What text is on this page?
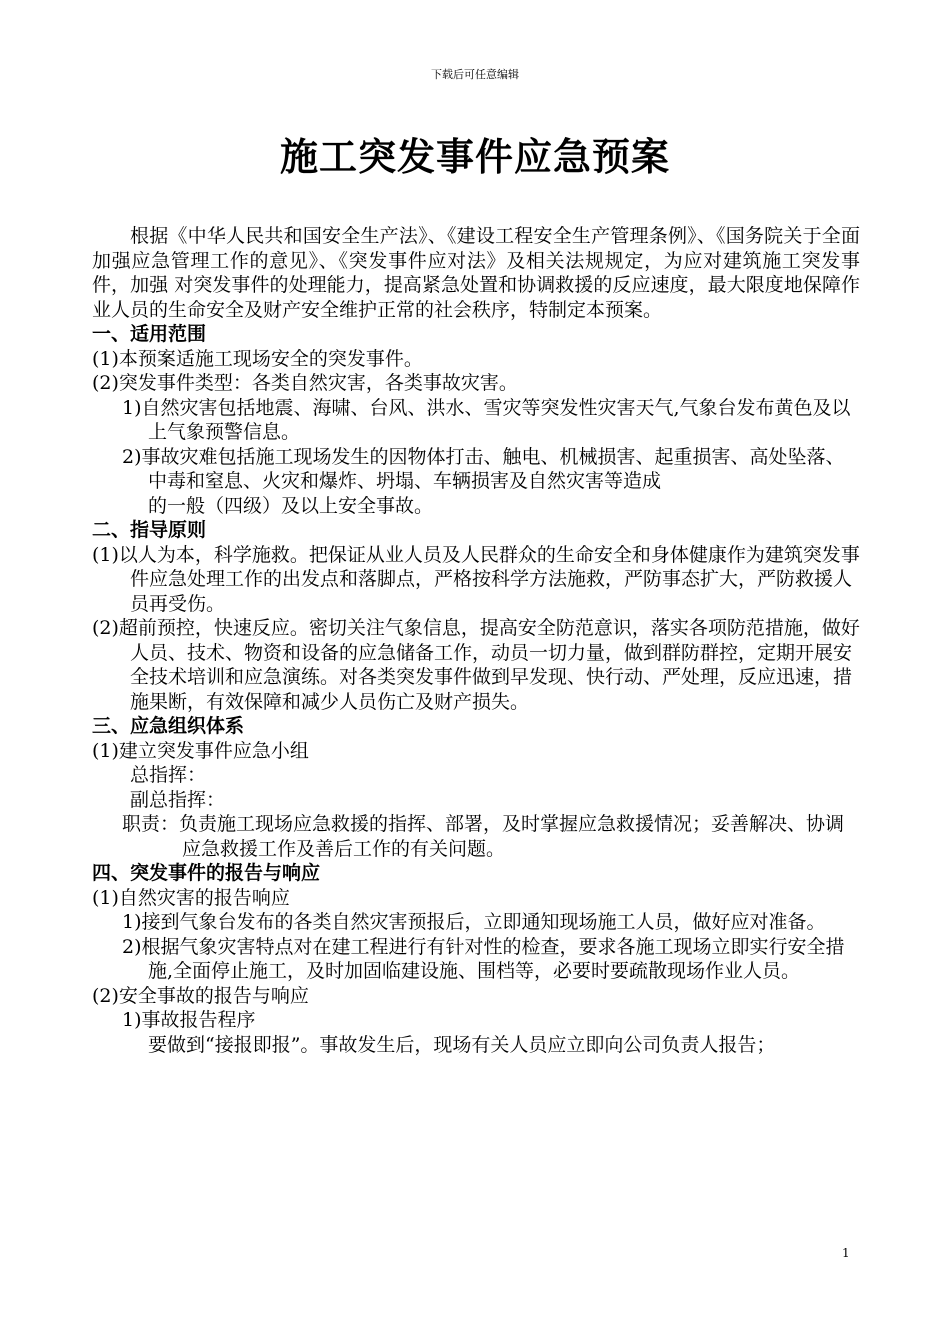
下载后可任意编辑
施工突发事件应急预案

根据《中华人民共和国安全生产法》、《建设工程安全生产管理条例》、《国务院关于全面加强应急管理工作的意见》、《突发事件应对法》及相关法规规定，为应对建筑施工突发事件，加强 对突发事件的处理能力，提高紧急处置和协调救援的反应速度，最大限度地保障作业人员的生命安全及财产安全维护正常的社会秩序，特制定本预案。

一、适用范围

(1)本预案适施工现场安全的突发事件。

(2)突发事件类型：各类自然灾害，各类事故灾害。

1)自然灾害包括地震、海啸、台风、洪水、雪灾等突发性灾害天气,气象台发布黄色及以上气象预警信息。

2)事故灾难包括施工现场发生的因物体打击、触电、机械损害、起重损害、高处坠落、中毒和窒息、火灾和爆炸、坍塌、车辆损害及自然灾害等造成

的一般（四级）及以上安全事故。

二、指导原则

(1)以人为本，科学施救。把保证从业人员及人民群众的生命安全和身体健康作为建筑突发事件应急处理工作的出发点和落脚点，严格按科学方法施救，严防事态扩大，严防救援人员再受伤。

(2)超前预控，快速反应。密切关注气象信息，提高安全防范意识，落实各项防范措施，做好人员、技术、物资和设备的应急储备工作，动员一切力量，做到群防群控，定期开展安全技术培训和应急演练。对各类突发事件做到早发现、快行动、严处理，反应迅速，措施果断，有效保障和减少人员伤亡及财产损失。

三、应急组织体系

(1)建立突发事件应急小组

总指挥：

副总指挥：

职责：负责施工现场应急救援的指挥、部署，及时掌握应急救援情况；妥善解决、协调应急救援工作及善后工作的有关问题。

四、突发事件的报告与响应

(1)自然灾害的报告响应

1)接到气象台发布的各类自然灾害预报后，立即通知现场施工人员，做好应对准备。

2)根据气象灾害特点对在建工程进行有针对性的检查，要求各施工现场立即实行安全措施,全面停止施工，及时加固临建设施、围档等，必要时要疏散现场作业人员。

(2)安全事故的报告与响应

1)事故报告程序

要做到“接报即报”。事故发生后，现场有关人员应立即向公司负责人报告；

1
